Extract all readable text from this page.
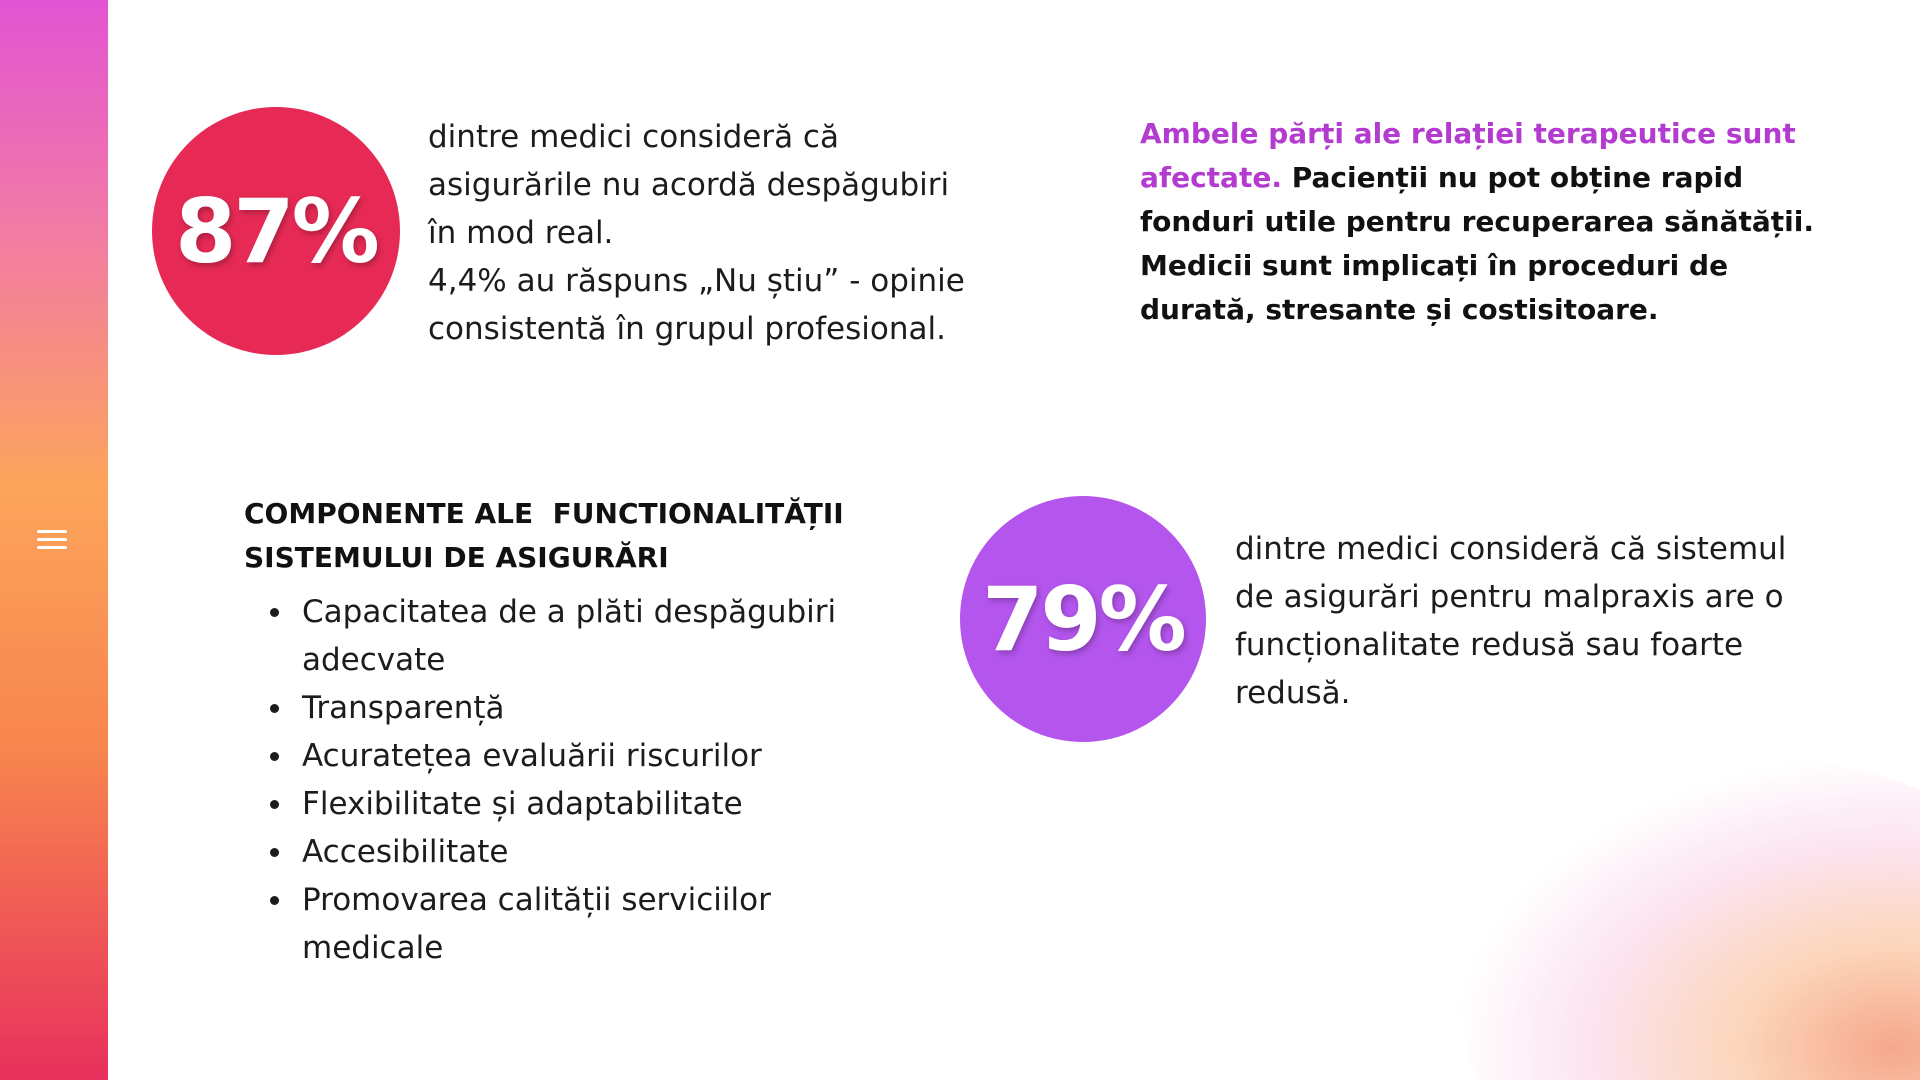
87%
dintre medici consideră că
asigurările nu acordă despăgubiri
în mod real.
4,4% au răspuns „Nu știu” - opinie
consistentă în grupul profesional.
Ambele părți ale relației terapeutice sunt afectate. Pacienții nu pot obține rapid fonduri utile pentru recuperarea sănătății. Medicii sunt implicați în proceduri de durată, stresante și costisitoare.
COMPONENTE ALE  FUNCTIONALITĂȚII
SISTEMULUI DE ASIGURĂRI
Capacitatea de a plăti despăgubiri adecvate
Transparență
Acuratețea evaluării riscurilor
Flexibilitate și adaptabilitate
Accesibilitate
Promovarea calității serviciilor medicale
79%
dintre medici consideră că sistemul
de asigurări pentru malpraxis are o
funcționalitate redusă sau foarte
redusă.
